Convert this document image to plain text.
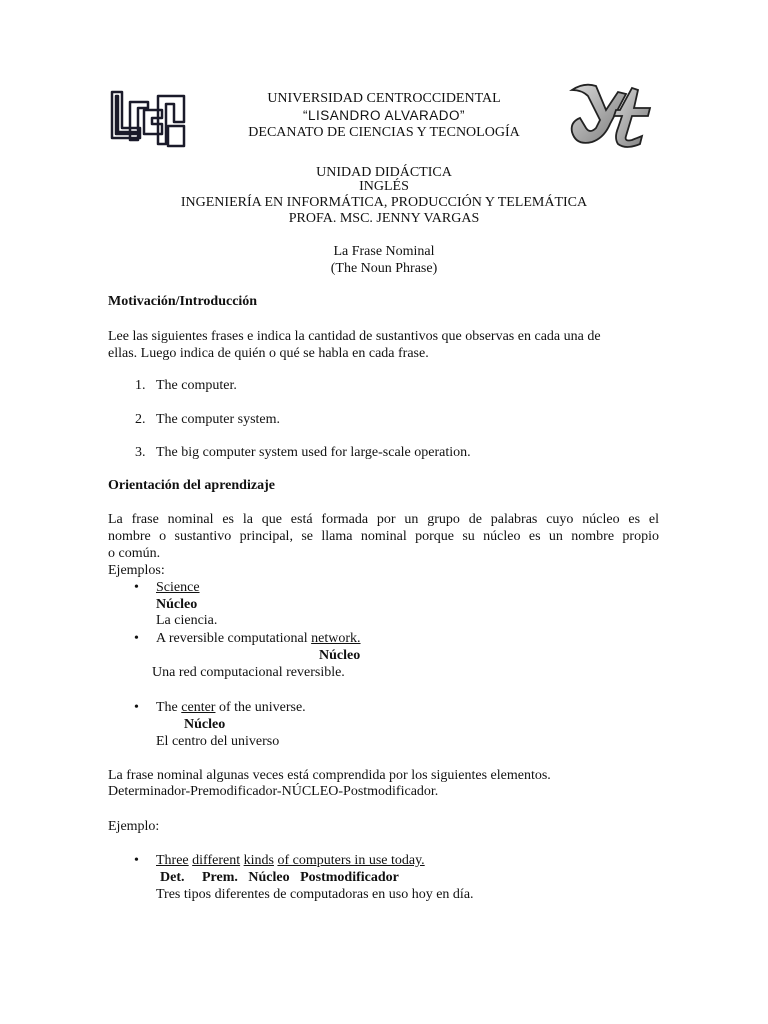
UNIVERSIDAD CENTROCCIDENTAL
“LISANDRO ALVARADO”
DECANATO DE CIENCIAS Y TECNOLOGÍA
UNIDAD DIDÁCTICA
INGLÉS
INGENIERÍA EN INFORMÁTICA, PRODUCCIÓN Y TELEMÁTICA
PROFA. MSC. JENNY VARGAS
La Frase Nominal
(The Noun Phrase)
Motivación/Introducción
Lee las siguientes frases e indica la cantidad de sustantivos que observas en cada una de
ellas. Luego indica de quién o qué se habla en cada frase.
1. The computer.
2. The computer system.
3. The big computer system used for large-scale operation.
Orientación del aprendizaje
La frase nominal es la que está formada por un grupo de palabras cuyo núcleo es el
nombre o sustantivo principal, se llama nominal porque su núcleo es un nombre propio
o común.
Ejemplos:
• Science
Núcleo
La ciencia.
• A reversible computational network.
Núcleo
Una red computacional reversible.
• The center of the universe.
Núcleo
El centro del universo
La frase nominal algunas veces está comprendida por los siguientes elementos.
Determinador-Premodificador-NÚCLEO-Postmodificador.
Ejemplo:
• Three different kinds of computers in use today.
Det.     Prem.   Núcleo   Postmodificador
Tres tipos diferentes de computadoras en uso hoy en día.
